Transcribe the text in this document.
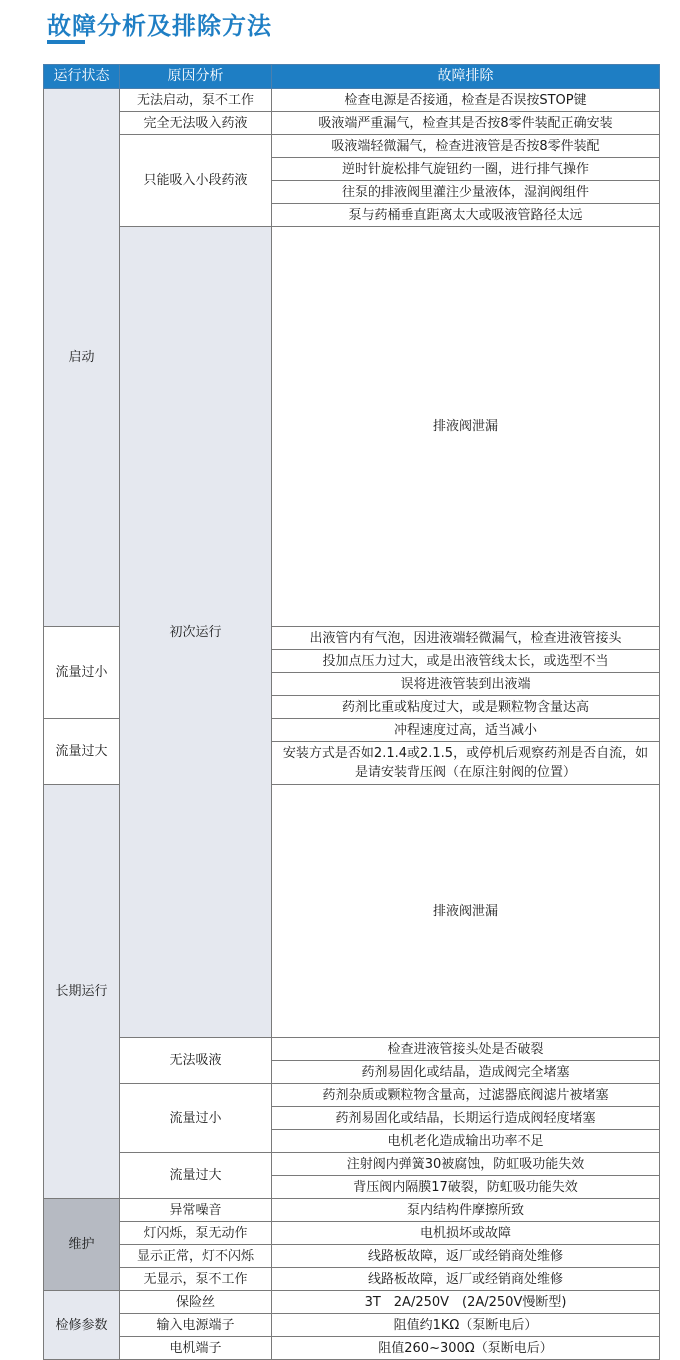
故障分析及排除方法
运行状态	原因分析	故障排除	
启动	无法启动，泵不工作	检查电源是否接通，检查是否误按STOP键	
	完全无法吸入药液	吸液端严重漏气，检查其是否按8零件装配正确安装	
	只能吸入小段药液	吸液端轻微漏气，检查进液管是否按8零件装配	
		逆时针旋松排气旋钮约一圈，进行排气操作	
		往泵的排液阀里灌注少量液体，湿润阀组件	
		泵与药桶垂直距离太大或吸液管路径太远	
	初次运行	排液阀泄漏	
流量过小		出液管内有气泡，因进液端轻微漏气，检查进液管接头	
		投加点压力过大，或是出液管线太长，或选型不当	
		误将进液管装到出液端	
		药剂比重或粘度过大，或是颗粒物含量达高	
流量过大		冲程速度过高，适当减小	
		安装方式是否如2.1.4或2.1.5，或停机后观察药剂是否自流，如是请安装背压阀（在原注射阀的位置）	
长期运行		排液阀泄漏	
	无法吸液	检查进液管接头处是否破裂	
		药剂易固化或结晶，造成阀完全堵塞	
	流量过小	药剂杂质或颗粒物含量高，过滤器底阀滤片被堵塞	
		药剂易固化或结晶，长期运行造成阀轻度堵塞	
		电机老化造成输出功率不足	
	流量过大	注射阀内弹簧30被腐蚀，防虹吸功能失效	
		背压阀内隔膜17破裂，防虹吸功能失效	
维护	异常噪音	泵内结构件摩擦所致	
	灯闪烁，泵无动作	电机损坏或故障	
	显示正常，灯不闪烁	线路板故障，返厂或经销商处维修	
	无显示，泵不工作	线路板故障，返厂或经销商处维修	
检修参数	保险丝	3T　2A/250V　(2A/250V慢断型)	
	输入电源端子	阻值约1KΩ（泵断电后）	
	电机端子	阻值260~300Ω（泵断电后）	
